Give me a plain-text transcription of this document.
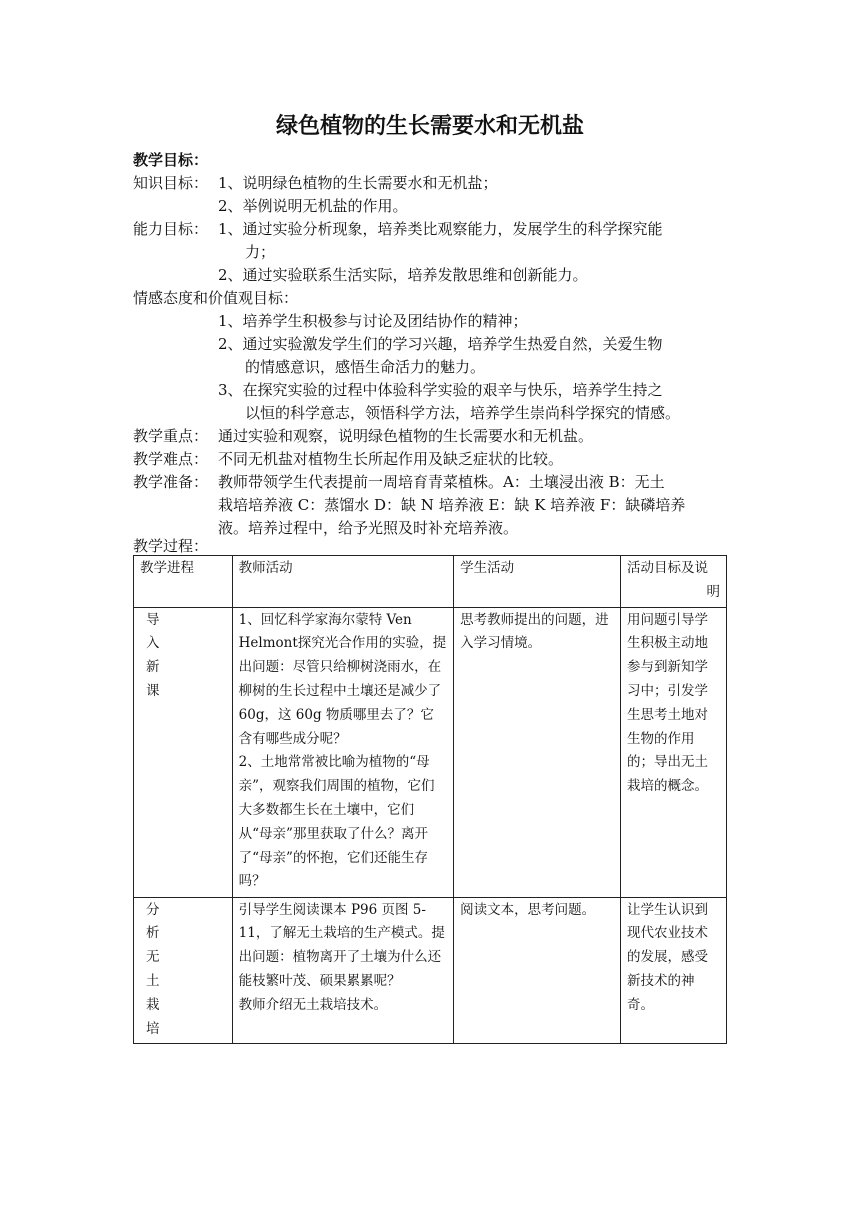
绿色植物的生长需要水和无机盐
教学目标：
知识目标： 1、说明绿色植物的生长需要水和无机盐；
2、举例说明无机盐的作用。
能力目标： 1、通过实验分析现象，培养类比观察能力，发展学生的科学探究能
力；
2、通过实验联系生活实际，培养发散思维和创新能力。
情感态度和价值观目标：
1、培养学生积极参与讨论及团结协作的精神；
2、通过实验激发学生们的学习兴趣，培养学生热爱自然，关爱生物
的情感意识，感悟生命活力的魅力。
3、在探究实验的过程中体验科学实验的艰辛与快乐，培养学生持之
以恒的科学意志，领悟科学方法，培养学生崇尚科学探究的情感。
教学重点： 通过实验和观察，说明绿色植物的生长需要水和无机盐。
教学难点： 不同无机盐对植物生长所起作用及缺乏症状的比较。
教学准备： 教师带领学生代表提前一周培育青菜植株。A：土壤浸出液 B：无土
栽培培养液 C：蒸馏水 D：缺 N 培养液 E：缺 K 培养液 F：缺磷培养
液。培养过程中，给予光照及时补充培养液。
教学过程：
教学进程	教师活动	学生活动	活动目标及说
明

导入新课	1、回忆科学家海尔蒙特 Ven Helmont探究光合作用的实验，提出问题：尽管只给柳树浇雨水，在柳树的生长过程中土壤还是减少了 60g，这 60g 物质哪里去了？它含有哪些成分呢？
2、土地常常被比喻为植物的“母亲”，观察我们周围的植物，它们大多数都生长在土壤中，它们从“母亲”那里获取了什么？离开了“母亲”的怀抱，它们还能生存吗？	思考教师提出的问题，进入学习情境。	用问题引导学生积极主动地参与到新知学习中；引发学生思考土地对生物的作用的；导出无土栽培的概念。

分析无土栽培	引导学生阅读课本 P96 页图 5-11，了解无土栽培的生产模式。提出问题：植物离开了土壤为什么还能枝繁叶茂、硕果累累呢？
教师介绍无土栽培技术。	阅读文本，思考问题。	让学生认识到现代农业技术的发展，感受新技术的神奇。
